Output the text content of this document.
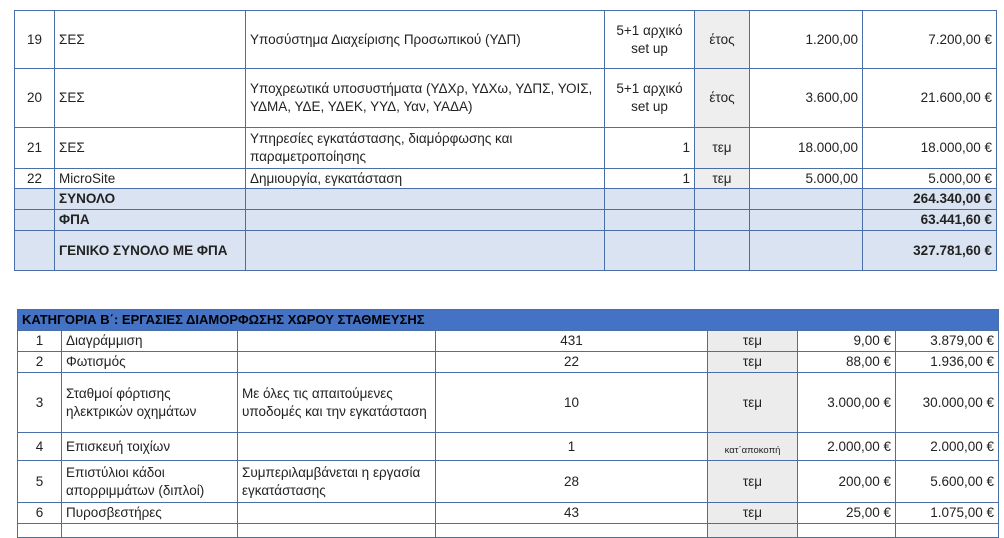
19	ΣΕΣ	Υποσύστημα Διαχείρισης Προσωπικού (ΥΔΠ)	5+1 αρχικό set up	έτος	1.200,00	7.200,00 €
20	ΣΕΣ	Υποχρεωτικά υποσυστήματα (ΥΔΧρ, ΥΔΧω, ΥΔΠΣ, ΥΟΙΣ, ΥΔΜΑ, ΥΔΕ, ΥΔΕΚ, ΥΥΔ, Υαν, ΥΑΔΑ)	5+1 αρχικό set up	έτος	3.600,00	21.600,00 €
21	ΣΕΣ	Υπηρεσίες εγκατάστασης, διαμόρφωσης και παραμετροποίησης	1	τεμ	18.000,00	18.000,00 €
22	MicroSite	Δημιουργία, εγκατάσταση	1	τεμ	5.000,00	5.000,00 €
	ΣΥΝΟΛΟ					264.340,00 €
	ΦΠΑ					63.441,60 €
	ΓΕΝΙΚΟ ΣΥΝΟΛΟ ΜΕ ΦΠΑ					327.781,60 €
ΚΑΤΗΓΟΡΙΑ Β΄: ΕΡΓΑΣΙΕΣ ΔΙΑΜΟΡΦΩΣΗΣ ΧΩΡΟΥ ΣΤΑΘΜΕΥΣΗΣ						
1	Διαγράμμιση		431	τεμ	9,00 €	3.879,00 €
2	Φωτισμός		22	τεμ	88,00 €	1.936,00 €
3	Σταθμοί φόρτισης ηλεκτρικών οχημάτων	Με όλες τις απαιτούμενες υποδομές και την εγκατάσταση	10	τεμ	3.000,00 €	30.000,00 €
4	Επισκευή τοιχίων		1	κατ΄αποκοπή	2.000,00 €	2.000,00 €
5	Επιστύλιοι κάδοι απορριμμάτων (διπλοί)	Συμπεριλαμβάνεται η εργασία εγκατάστασης	28	τεμ	200,00 €	5.600,00 €
6	Πυροσβεστήρες		43	τεμ	25,00 €	1.075,00 €
